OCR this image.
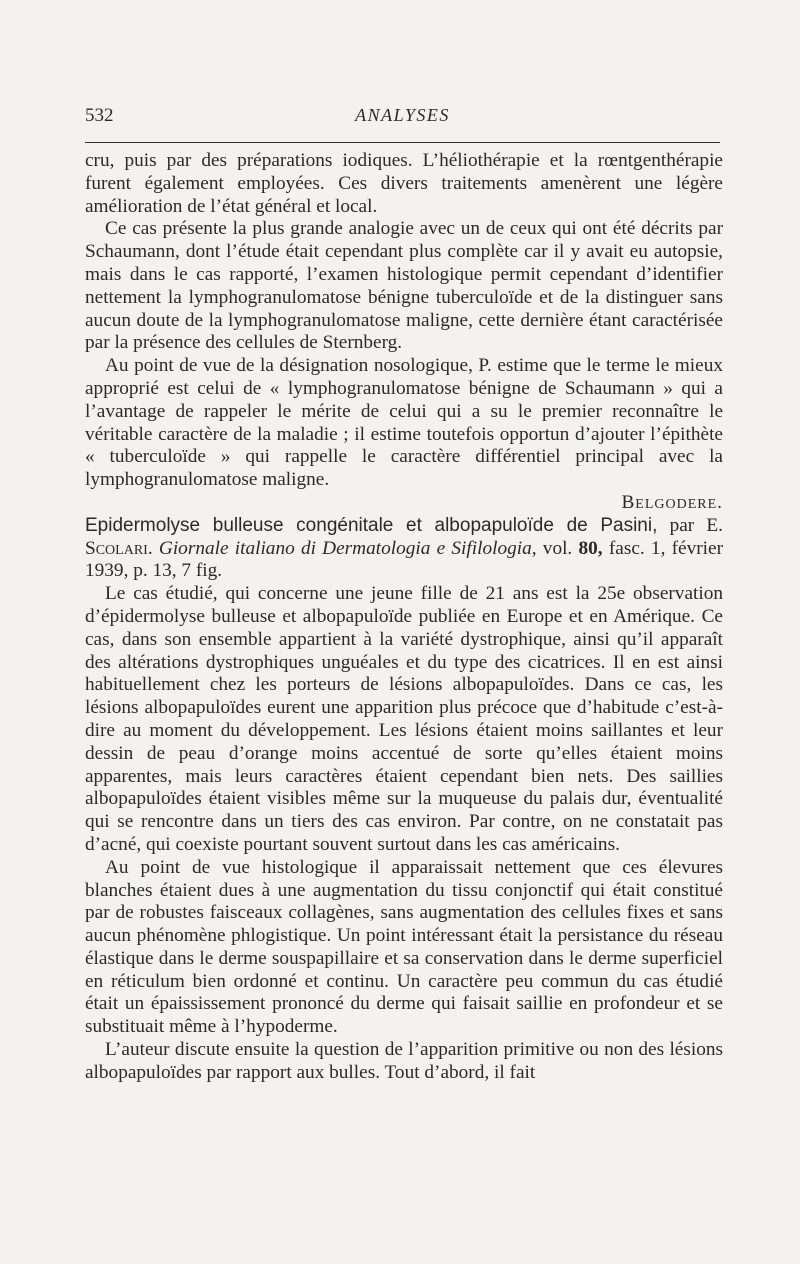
532	ANALYSES

cru, puis par des préparations iodiques. L’héliothérapie et la rœntgenthérapie furent également employées. Ces divers traitements amenèrent une légère amélioration de l’état général et local.

Ce cas présente la plus grande analogie avec un de ceux qui ont été décrits par Schaumann, dont l’étude était cependant plus complète car il y avait eu autopsie, mais dans le cas rapporté, l’examen histologique permit cependant d’identifier nettement la lymphogranulomatose bénigne tuberculoïde et de la distinguer sans aucun doute de la lymphogranulomatose maligne, cette dernière étant caractérisée par la présence des cellules de Sternberg.

Au point de vue de la désignation nosologique, P. estime que le terme le mieux approprié est celui de « lymphogranulomatose bénigne de Schaumann » qui a l’avantage de rappeler le mérite de celui qui a su le premier reconnaître le véritable caractère de la maladie ; il estime toutefois opportun d’ajouter l’épithète « tuberculoïde » qui rappelle le caractère différentiel principal avec la lymphogranulomatose maligne.

Belgodere.

Epidermolyse bulleuse congénitale et albopapuloïde de Pasini, par E. Scolari. Giornale italiano di Dermatologia e Sifilologia, vol. 80, fasc. 1, février 1939, p. 13, 7 fig.

Le cas étudié, qui concerne une jeune fille de 21 ans est la 25e observation d’épidermolyse bulleuse et albopapuloïde publiée en Europe et en Amérique. Ce cas, dans son ensemble appartient à la variété dystrophique, ainsi qu’il apparaît des altérations dystrophiques unguéales et du type des cicatrices. Il en est ainsi habituellement chez les porteurs de lésions albopapuloïdes. Dans ce cas, les lésions albopapuloïdes eurent une apparition plus précoce que d’habitude c’est-à-dire au moment du développement. Les lésions étaient moins saillantes et leur dessin de peau d’orange moins accentué de sorte qu’elles étaient moins apparentes, mais leurs caractères étaient cependant bien nets. Des saillies albopapuloïdes étaient visibles même sur la muqueuse du palais dur, éventualité qui se rencontre dans un tiers des cas environ. Par contre, on ne constatait pas d’acné, qui coexiste pourtant souvent surtout dans les cas américains.

Au point de vue histologique il apparaissait nettement que ces élevures blanches étaient dues à une augmentation du tissu conjonctif qui était constitué par de robustes faisceaux collagènes, sans augmentation des cellules fixes et sans aucun phénomène phlogistique. Un point intéressant était la persistance du réseau élastique dans le derme souspapillaire et sa conservation dans le derme superficiel en réticulum bien ordonné et continu. Un caractère peu commun du cas étudié était un épaississement prononcé du derme qui faisait saillie en profondeur et se substituait même à l’hypoderme.

L’auteur discute ensuite la question de l’apparition primitive ou non des lésions albopapuloïdes par rapport aux bulles. Tout d’abord, il fait
